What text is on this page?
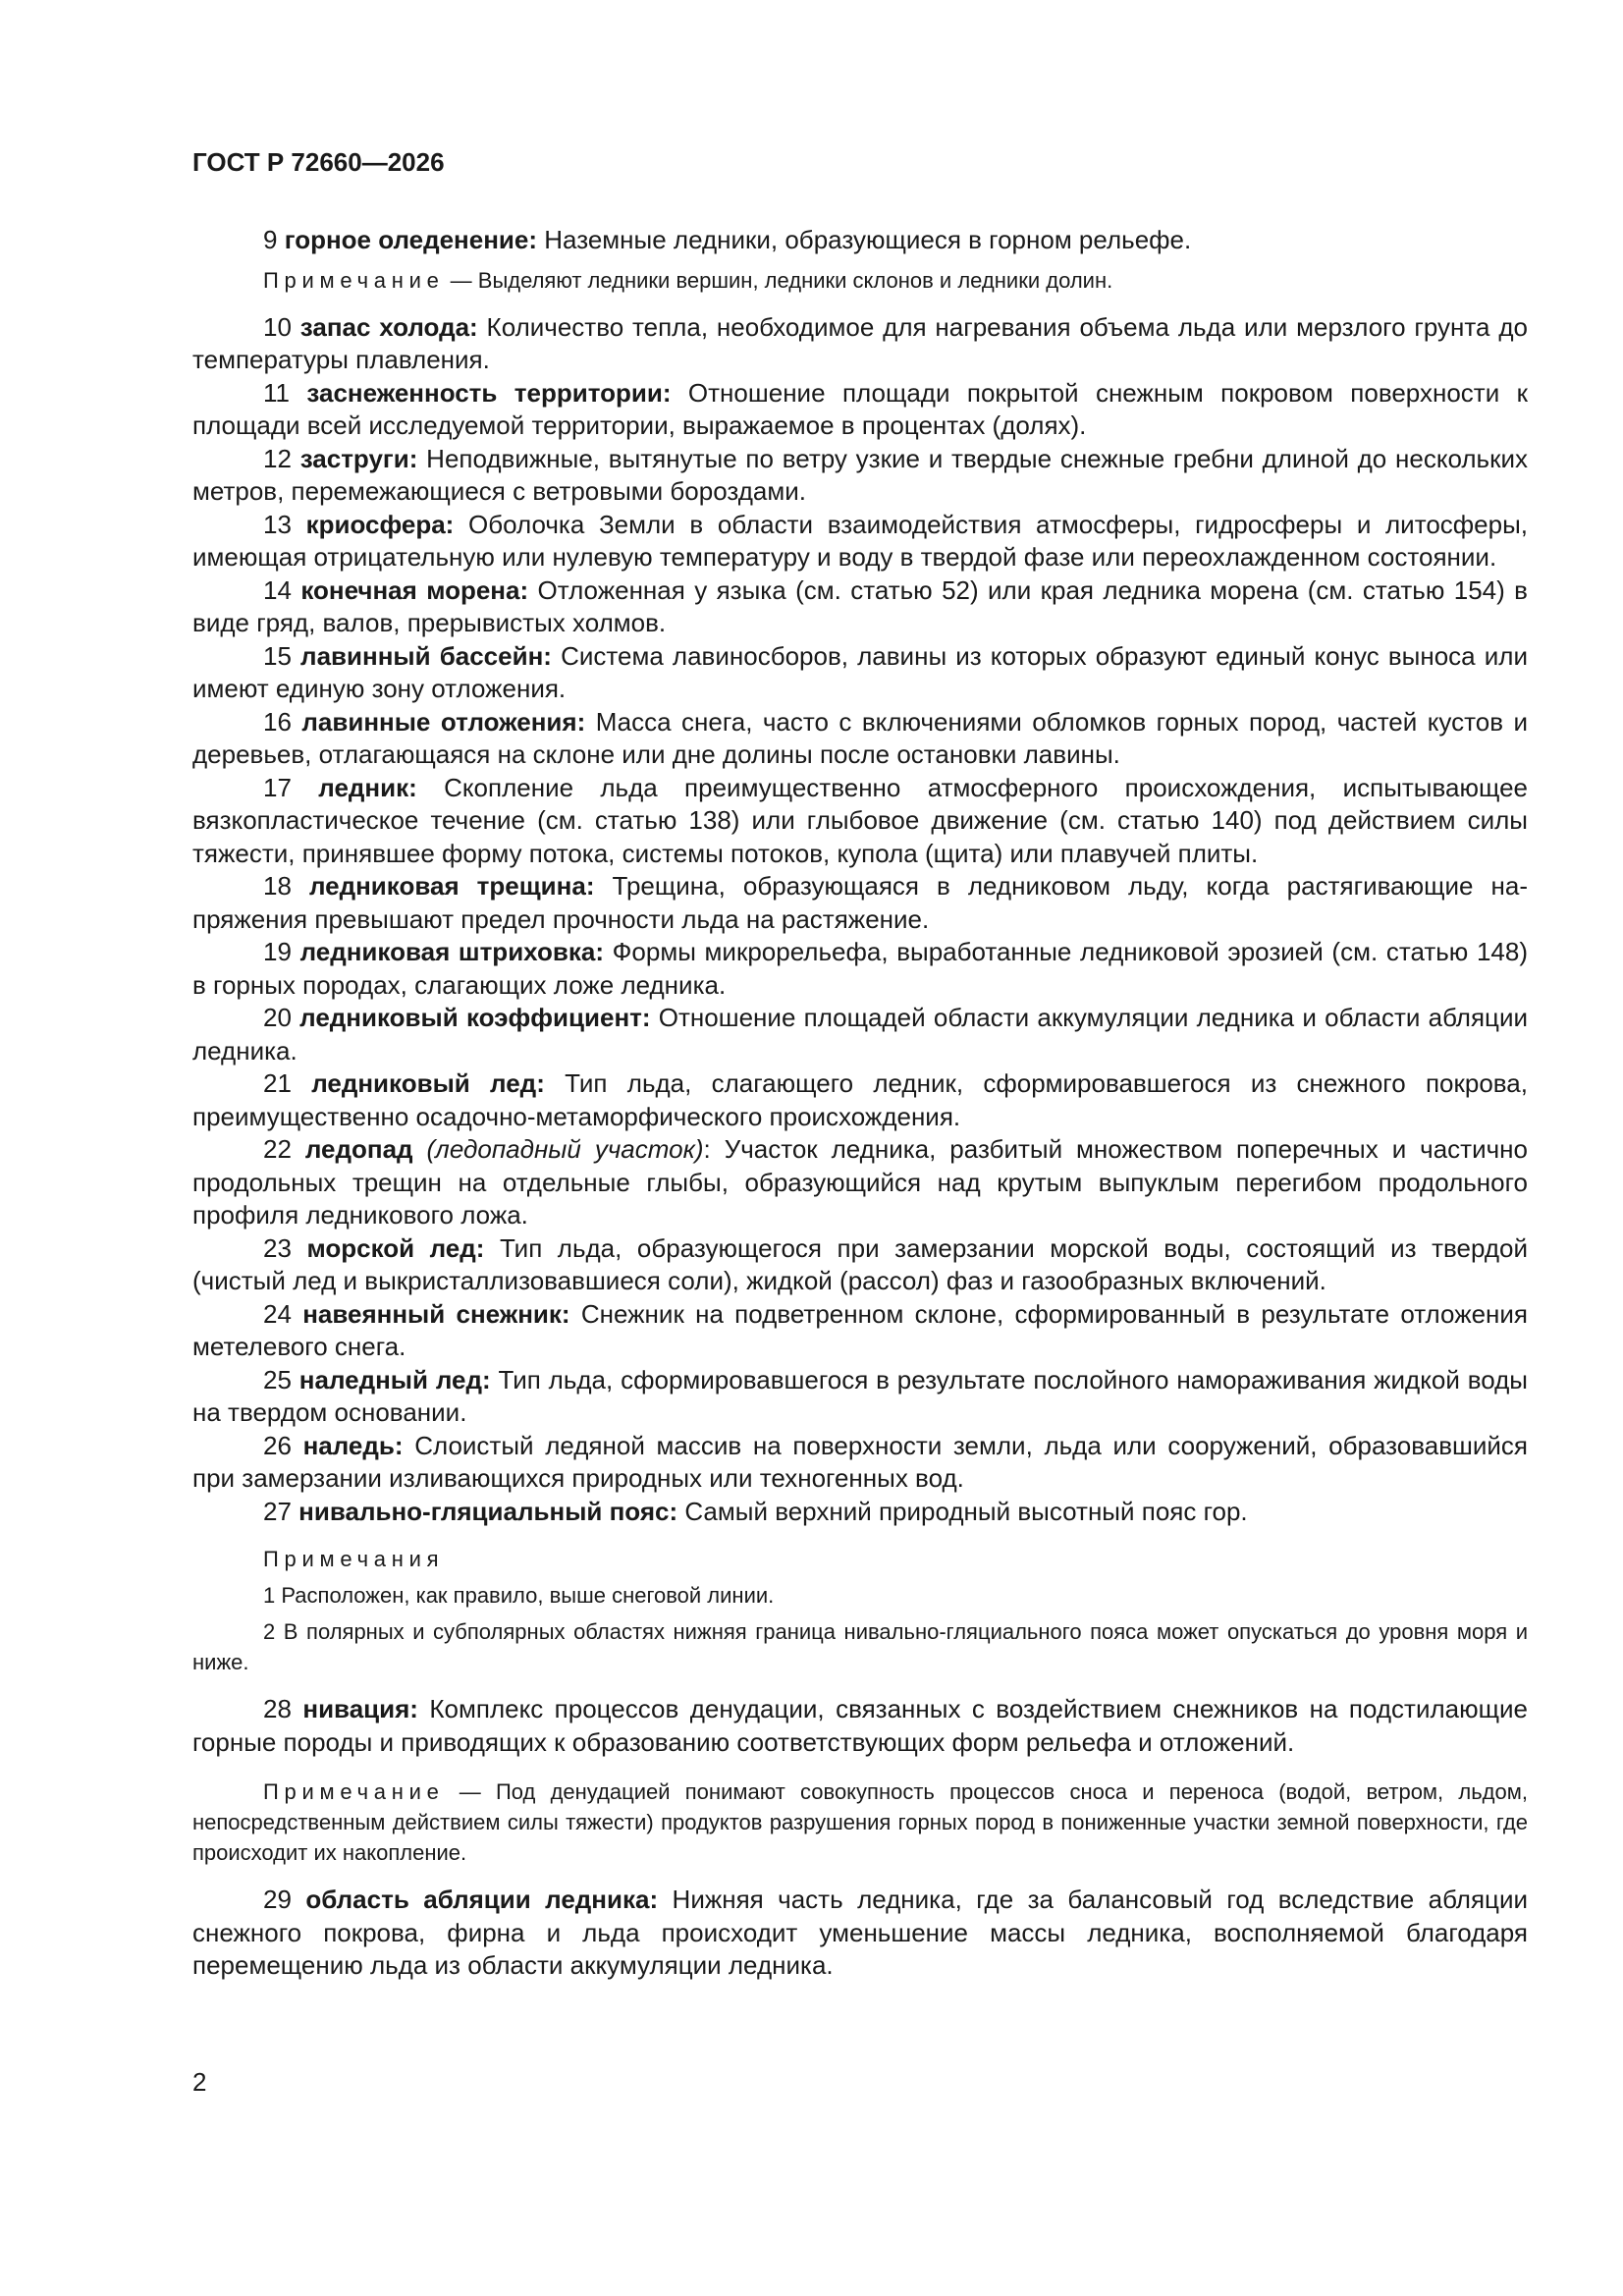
ГОСТ Р 72660—2026

9 горное оледенение: Наземные ледники, образующиеся в горном рельефе.

Примечание — Выделяют ледники вершин, ледники склонов и ледники долин.

10 запас холода: Количество тепла, необходимое для нагревания объема льда или мерзлого грунта до температуры плавления.

11 заснеженность территории: Отношение площади покрытой снежным покровом поверхности к площади всей исследуемой территории, выражаемое в процентах (долях).

12 заструги: Неподвижные, вытянутые по ветру узкие и твердые снежные гребни длиной до нескольких метров, перемежающиеся с ветровыми бороздами.

13 криосфера: Оболочка Земли в области взаимодействия атмосферы, гидросферы и литосферы, имеющая отрицательную или нулевую температуру и воду в твердой фазе или переохлажденном состоянии.

14 конечная морена: Отложенная у языка (см. статью 52) или края ледника морена (см. статью 154) в виде гряд, валов, прерывистых холмов.

15 лавинный бассейн: Система лавиносборов, лавины из которых образуют единый конус выноса или имеют единую зону отложения.

16 лавинные отложения: Масса снега, часто с включениями обломков горных пород, частей кустов и деревьев, отлагающаяся на склоне или дне долины после остановки лавины.

17 ледник: Скопление льда преимущественно атмосферного происхождения, испытывающее вязкопластическое течение (см. статью 138) или глыбовое движение (см. статью 140) под действием силы тяжести, принявшее форму потока, системы потоков, купола (щита) или плавучей плиты.

18 ледниковая трещина: Трещина, образующаяся в ледниковом льду, когда растягивающие напряжения превышают предел прочности льда на растяжение.

19 ледниковая штриховка: Формы микрорельефа, выработанные ледниковой эрозией (см. статью 148) в горных породах, слагающих ложе ледника.

20 ледниковый коэффициент: Отношение площадей области аккумуляции ледника и области абляции ледника.

21 ледниковый лед: Тип льда, слагающего ледник, сформировавшегося из снежного покрова, преимущественно осадочно-метаморфического происхождения.

22 ледопад (ледопадный участок): Участок ледника, разбитый множеством поперечных и частично продольных трещин на отдельные глыбы, образующийся над крутым выпуклым перегибом продольного профиля ледникового ложа.

23 морской лед: Тип льда, образующегося при замерзании морской воды, состоящий из твердой (чистый лед и выкристаллизовавшиеся соли), жидкой (рассол) фаз и газообразных включений.

24 навеянный снежник: Снежник на подветренном склоне, сформированный в результате отложения метелевого снега.

25 наледный лед: Тип льда, сформировавшегося в результате послойного намораживания жидкой воды на твердом основании.

26 наледь: Слоистый ледяной массив на поверхности земли, льда или сооружений, образовавшийся при замерзании изливающихся природных или техногенных вод.

27 нивально-гляциальный пояс: Самый верхний природный высотный пояс гор.

Примечания

1 Расположен, как правило, выше снеговой линии.

2 В полярных и субполярных областях нижняя граница нивально-гляциального пояса может опускаться до уровня моря и ниже.

28 нивация: Комплекс процессов денудации, связанных с воздействием снежников на подстилающие горные породы и приводящих к образованию соответствующих форм рельефа и отложений.

Примечание — Под денудацией понимают совокупность процессов сноса и переноса (водой, ветром, льдом, непосредственным действием силы тяжести) продуктов разрушения горных пород в пониженные участки земной поверхности, где происходит их накопление.

29 область абляции ледника: Нижняя часть ледника, где за балансовый год вследствие абляции снежного покрова, фирна и льда происходит уменьшение массы ледника, восполняемой благодаря перемещению льда из области аккумуляции ледника.

2
